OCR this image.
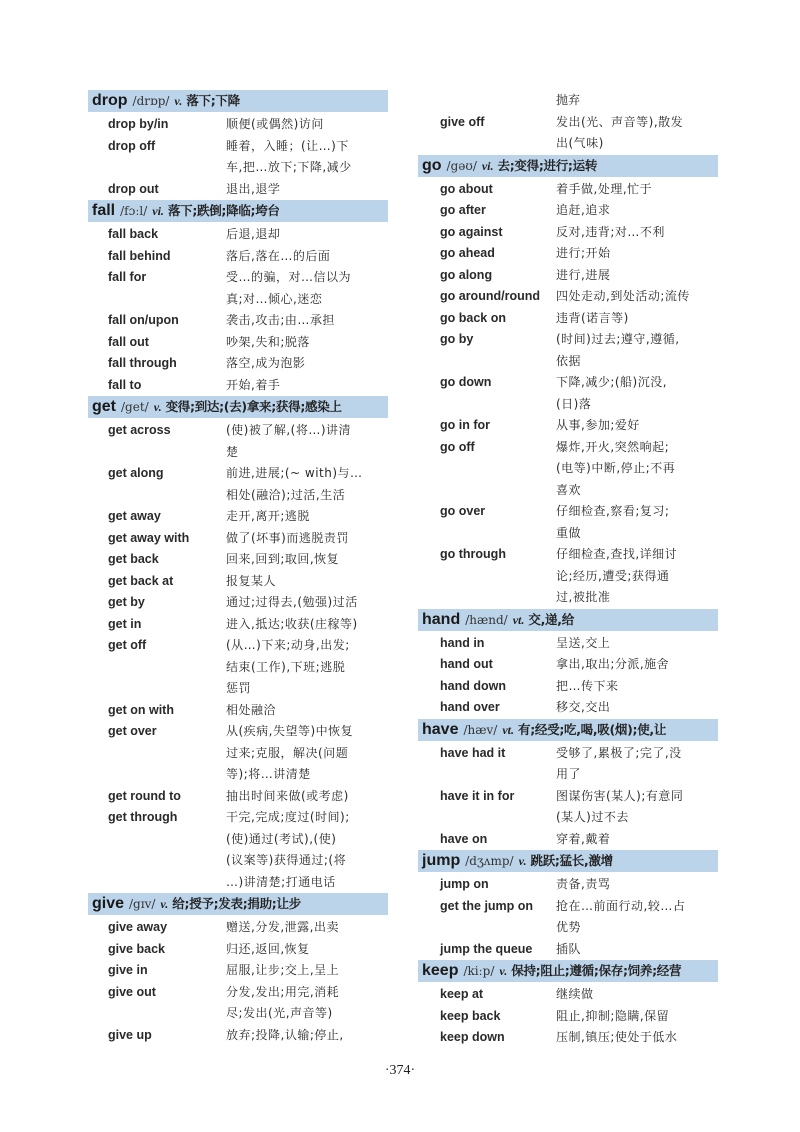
drop /drɒp/ v. 落下;下降
drop by/in	顺便(或偶然)访问
drop off	睡着，入睡；(让…)下
车,把…放下;下降,减少
drop out	退出,退学
fall /fɔːl/ vi. 落下;跌倒;降临;垮台
fall back	后退,退却
fall behind	落后,落在…的后面
fall for	受…的骗，对…信以为
真;对…倾心,迷恋
fall on/upon	袭击,攻击;由…承担
fall out	吵架,失和;脱落
fall through	落空,成为泡影
fall to	开始,着手
get /get/ v. 变得;到达;(去)拿来;获得;感染上
get across	(使)被了解,(将…)讲清
楚
get along	前进,进展;(~ with)与…
相处(融洽);过活,生活
get away	走开,离开;逃脱
get away with	做了(坏事)而逃脱责罚
get back	回来,回到;取回,恢复
get back at	报复某人
get by	通过;过得去,(勉强)过活
get in	进入,抵达;收获(庄稼等)
get off	(从…)下来;动身,出发;
结束(工作),下班;逃脱
惩罚
get on with	相处融洽
get over	从(疾病,失望等)中恢复
过来;克服，解决(问题
等);将…讲清楚
get round to	抽出时间来做(或考虑)
get through	干完,完成;度过(时间);
(使)通过(考试),(使)
(议案等)获得通过;(将
…)讲清楚;打通电话
give /gɪv/ v. 给;授予;发表;捐助;让步
give away	赠送,分发,泄露,出卖
give back	归还,返回,恢复
give in	屈服,让步;交上,呈上
give out	分发,发出;用完,消耗
尽;发出(光,声音等)
give up	放弃;投降,认输;停止,
抛弃
give off	发出(光、声音等),散发
出(气味)
go /gəʊ/ vi. 去;变得;进行;运转
go about	着手做,处理,忙于
go after	追赶,追求
go against	反对,违背;对…不利
go ahead	进行;开始
go along	进行,进展
go around/round	四处走动,到处活动;流传
go back on	违背(诺言等)
go by	(时间)过去;遵守,遵循,
依据
go down	下降,减少;(船)沉没,
(日)落
go in for	从事,参加;爱好
go off	爆炸,开火,突然响起;
(电等)中断,停止;不再
喜欢
go over	仔细检查,察看;复习;
重做
go through	仔细检查,查找,详细讨
论;经历,遭受;获得通
过,被批准
hand /hænd/ vt. 交,递,给
hand in	呈送,交上
hand out	拿出,取出;分派,施舍
hand down	把…传下来
hand over	移交,交出
have /hæv/ vt. 有;经受;吃,喝,吸(烟);使,让
have had it	受够了,累极了;完了,没
用了
have it in for	图谋伤害(某人);有意同
(某人)过不去
have on	穿着,戴着
jump /dʒʌmp/ v. 跳跃;猛长,激增
jump on	责备,责骂
get the jump on	抢在…前面行动,较…占
优势
jump the queue	插队
keep /kiːp/ v. 保持;阻止;遵循;保存;饲养;经营
keep at	继续做
keep back	阻止,抑制;隐瞒,保留
keep down	压制,镇压;使处于低水
·374·
